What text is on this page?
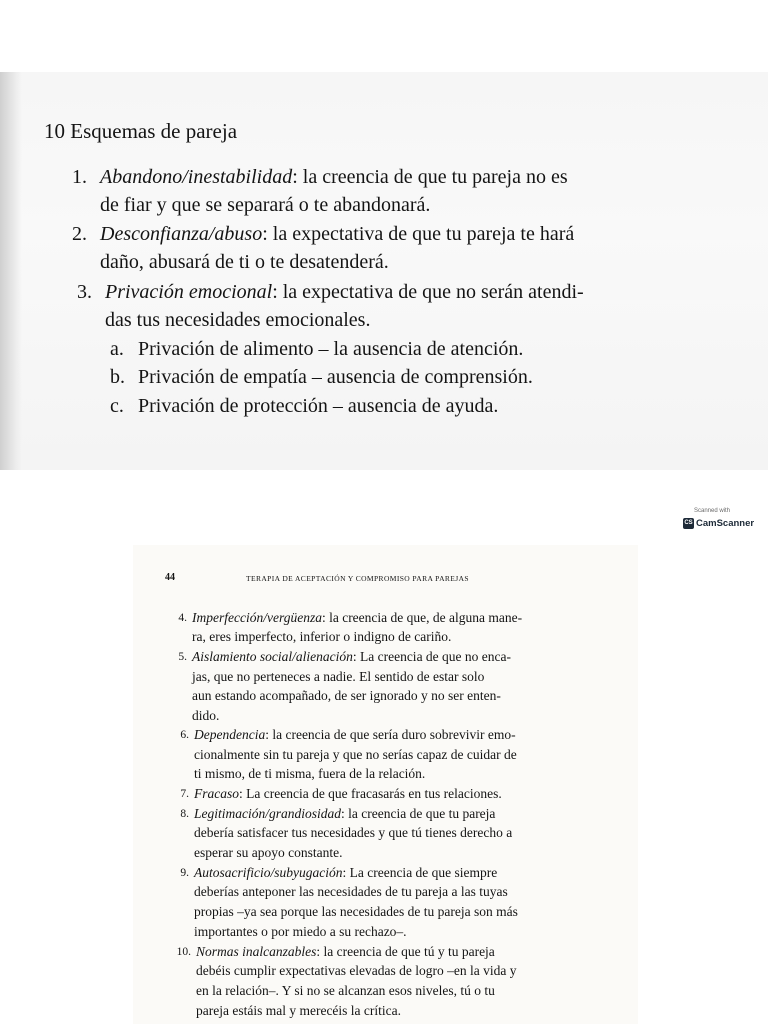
10 Esquemas de pareja
1. Abandono/inestabilidad: la creencia de que tu pareja no es
de fiar y que se separará o te abandonará.
2. Desconfianza/abuso: la expectativa de que tu pareja te hará
daño, abusará de ti o te desatenderá.
3. Privación emocional: la expectativa de que no serán atendi-
das tus necesidades emocionales.
a. Privación de alimento – la ausencia de atención.
b. Privación de empatía – ausencia de comprensión.
c. Privación de protección – ausencia de ayuda.
Scanned with
CS CamScanner
44	TERAPIA DE ACEPTACIÓN Y COMPROMISO PARA PAREJAS
4. Imperfección/vergüenza: la creencia de que, de alguna mane-
ra, eres imperfecto, inferior o indigno de cariño.
5. Aislamiento social/alienación: La creencia de que no enca-
jas, que no perteneces a nadie. El sentido de estar solo
aun estando acompañado, de ser ignorado y no ser enten-
dido.
6. Dependencia: la creencia de que sería duro sobrevivir emo-
cionalmente sin tu pareja y que no serías capaz de cuidar de
ti mismo, de ti misma, fuera de la relación.
7. Fracaso: La creencia de que fracasarás en tus relaciones.
8. Legitimación/grandiosidad: la creencia de que tu pareja
debería satisfacer tus necesidades y que tú tienes derecho a
esperar su apoyo constante.
9. Autosacrificio/subyugación: La creencia de que siempre
deberías anteponer las necesidades de tu pareja a las tuyas
propias –ya sea porque las necesidades de tu pareja son más
importantes o por miedo a su rechazo–.
10. Normas inalcanzables: la creencia de que tú y tu pareja
debéis cumplir expectativas elevadas de logro –en la vida y
en la relación–. Y si no se alcanzan esos niveles, tú o tu
pareja estáis mal y merecéis la crítica.
